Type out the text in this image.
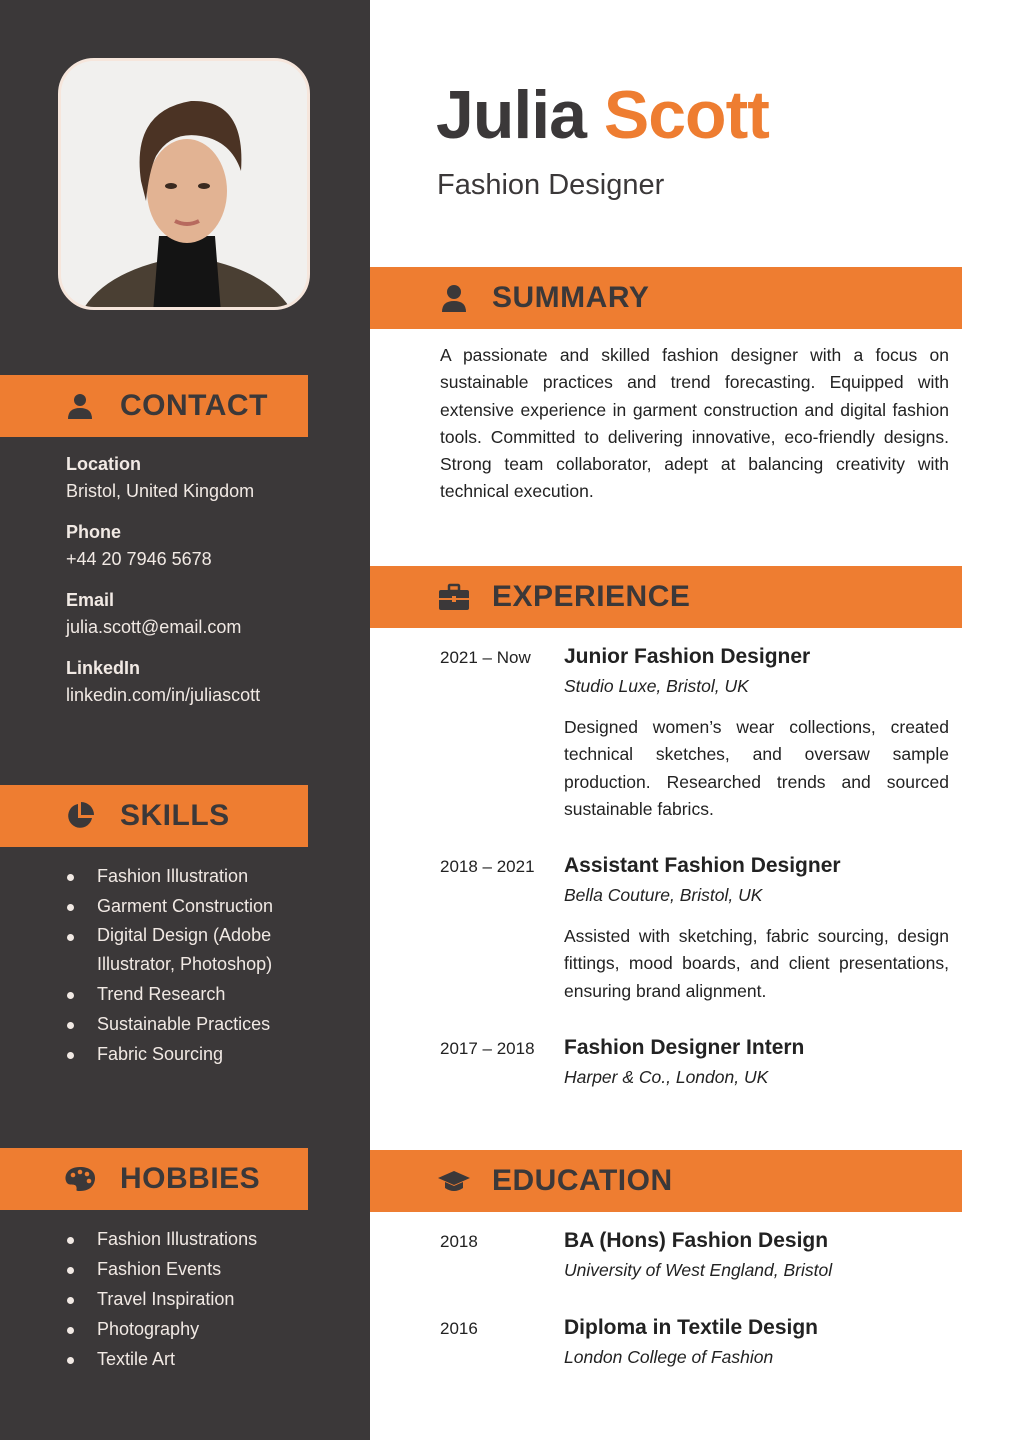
CONTACT
Location
Bristol, United Kingdom
Phone
+44 20 7946 5678
Email
julia.scott@email.com
LinkedIn
linkedin.com/in/juliascott
SKILLS
Fashion Illustration
Garment Construction
Digital Design (Adobe Illustrator, Photoshop)
Trend Research
Sustainable Practices
Fabric Sourcing
HOBBIES
Fashion Illustrations
Fashion Events
Travel Inspiration
Photography
Textile Art
Julia Scott
Fashion Designer
SUMMARY
A passionate and skilled fashion designer with a focus on sustainable practices and trend forecasting. Equipped with extensive experience in garment construction and digital fashion tools. Committed to delivering innovative, eco-friendly designs. Strong team collaborator, adept at balancing creativity with technical execution.
EXPERIENCE
2021 – Now Junior Fashion Designer
Studio Luxe, Bristol, UK
Designed women’s wear collections, created technical sketches, and oversaw sample production. Researched trends and sourced sustainable fabrics.
2018 – 2021 Assistant Fashion Designer
Bella Couture, Bristol, UK
Assisted with sketching, fabric sourcing, design fittings, mood boards, and client presentations, ensuring brand alignment.
2017 – 2018 Fashion Designer Intern
Harper & Co., London, UK
EDUCATION
2018	BA (Hons) Fashion Design
University of West England, Bristol
2016	Diploma in Textile Design
London College of Fashion
